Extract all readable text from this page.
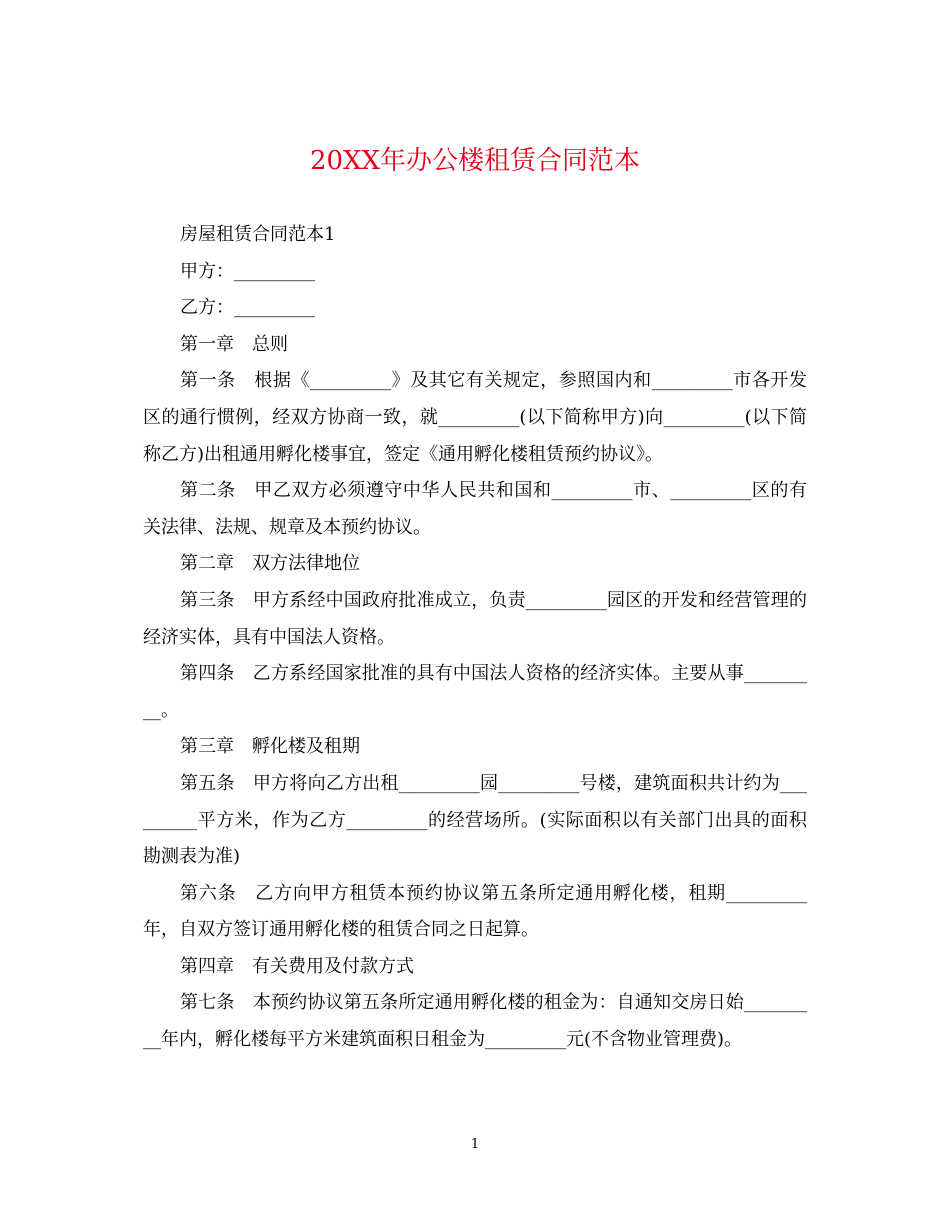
20XX年办公楼租赁合同范本

房屋租赁合同范本1

甲方：_________

乙方：_________

第一章　总则

第一条　根据《_________》及其它有关规定，参照国内和_________市各开发区的通行惯例，经双方协商一致，就_________(以下简称甲方)向_________(以下简称乙方)出租通用孵化楼事宜，签定《通用孵化楼租赁预约协议》。

第二条　甲乙双方必须遵守中华人民共和国和_________市、_________区的有关法律、法规、规章及本预约协议。

第二章　双方法律地位

第三条　甲方系经中国政府批准成立，负责_________园区的开发和经营管理的经济实体，具有中国法人资格。

第四条　乙方系经国家批准的具有中国法人资格的经济实体。主要从事_________。

第三章　孵化楼及租期

第五条　甲方将向乙方出租_________园_________号楼，建筑面积共计约为_________平方米，作为乙方_________的经营场所。(实际面积以有关部门出具的面积勘测表为准)

第六条　乙方向甲方租赁本预约协议第五条所定通用孵化楼，租期_________年，自双方签订通用孵化楼的租赁合同之日起算。

第四章　有关费用及付款方式

第七条　本预约协议第五条所定通用孵化楼的租金为：自通知交房日始_________年内，孵化楼每平方米建筑面积日租金为_________元(不含物业管理费)。

1
